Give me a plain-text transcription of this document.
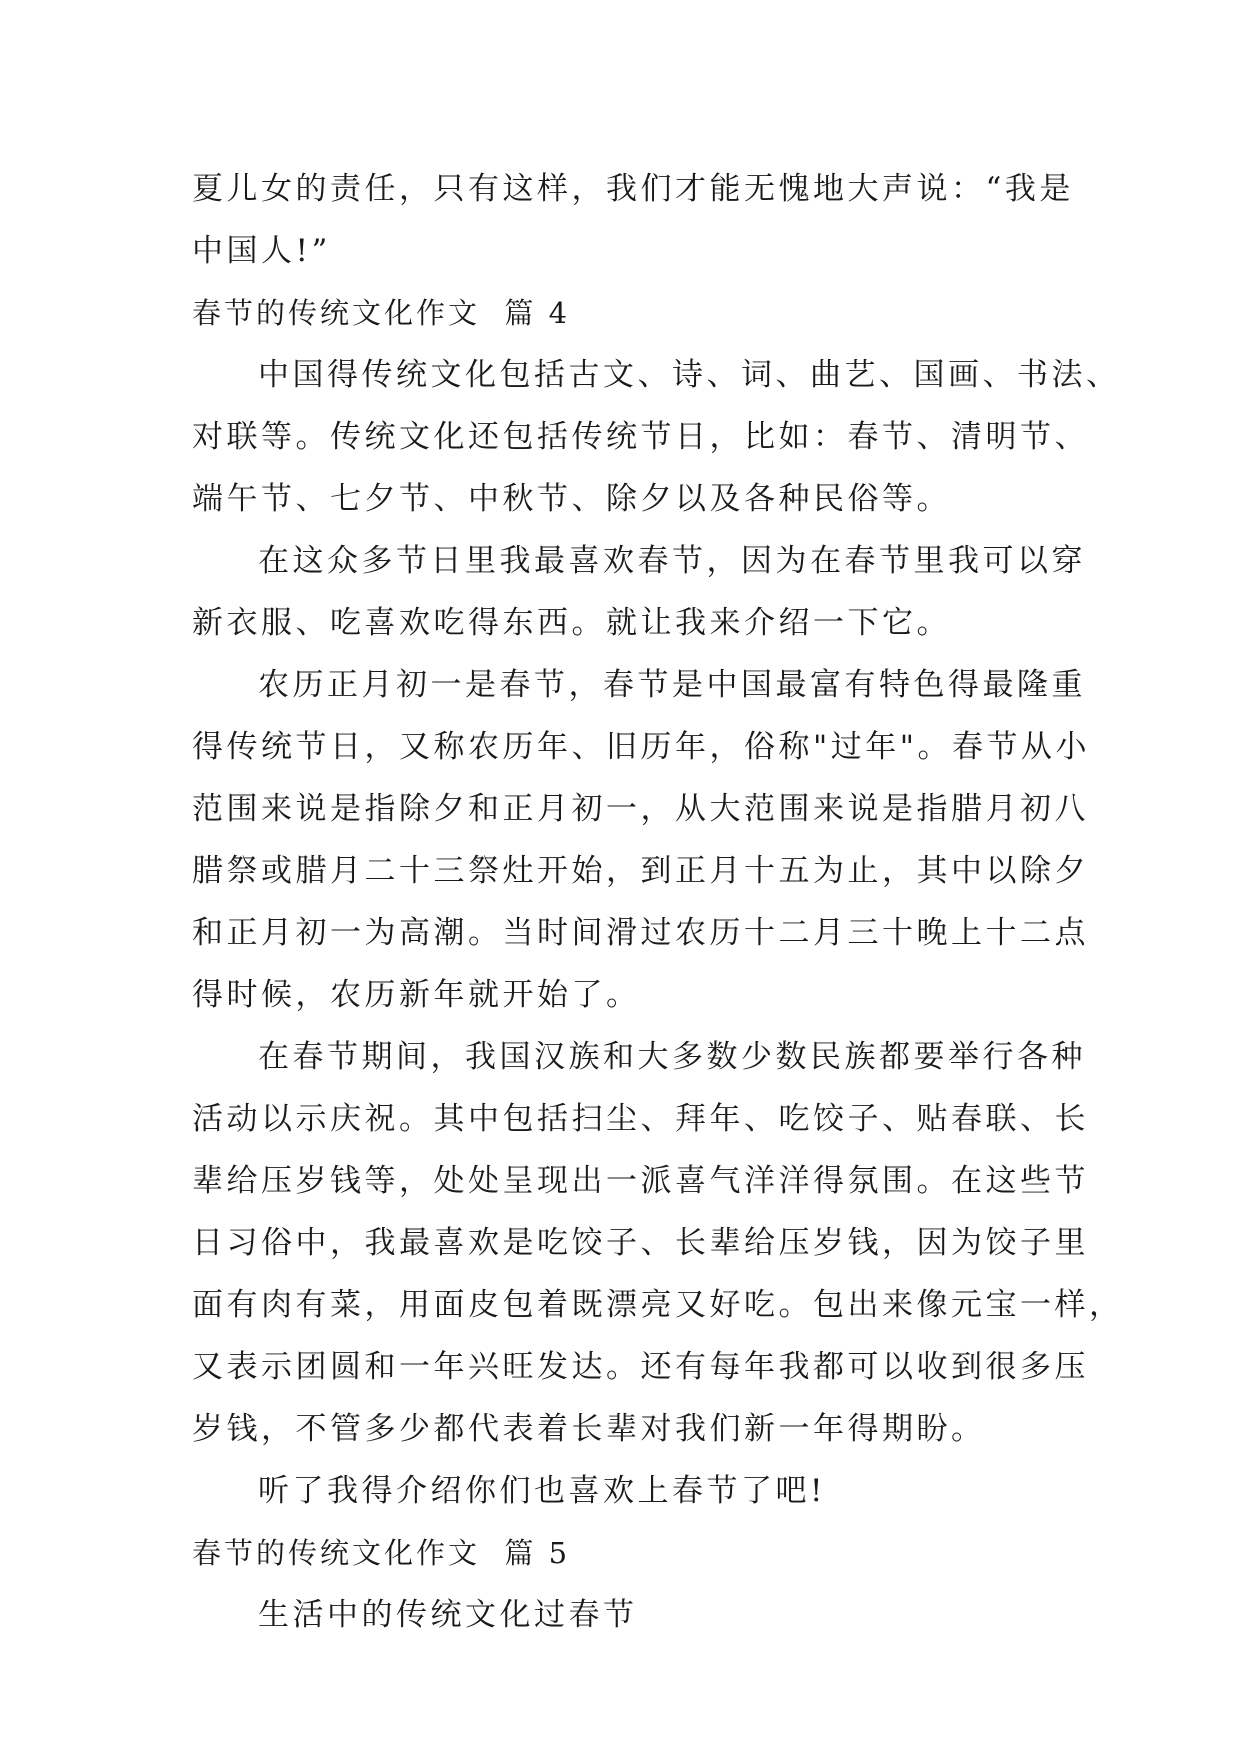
夏儿女的责任，只有这样，我们才能无愧地大声说：“我是
中国人!”
春节的传统文化作文  篇 4
中国得传统文化包括古文、诗、词、曲艺、国画、书法、
对联等。传统文化还包括传统节日，比如：春节、清明节、
端午节、七夕节、中秋节、除夕以及各种民俗等。
在这众多节日里我最喜欢春节，因为在春节里我可以穿
新衣服、吃喜欢吃得东西。就让我来介绍一下它。
农历正月初一是春节，春节是中国最富有特色得最隆重
得传统节日，又称农历年、旧历年，俗称"过年"。春节从小
范围来说是指除夕和正月初一，从大范围来说是指腊月初八
腊祭或腊月二十三祭灶开始，到正月十五为止，其中以除夕
和正月初一为高潮。当时间滑过农历十二月三十晚上十二点
得时候，农历新年就开始了。
在春节期间，我国汉族和大多数少数民族都要举行各种
活动以示庆祝。其中包括扫尘、拜年、吃饺子、贴春联、长
辈给压岁钱等，处处呈现出一派喜气洋洋得氛围。在这些节
日习俗中，我最喜欢是吃饺子、长辈给压岁钱，因为饺子里
面有肉有菜，用面皮包着既漂亮又好吃。包出来像元宝一样，
又表示团圆和一年兴旺发达。还有每年我都可以收到很多压
岁钱，不管多少都代表着长辈对我们新一年得期盼。
听了我得介绍你们也喜欢上春节了吧!
春节的传统文化作文  篇 5
生活中的传统文化过春节
